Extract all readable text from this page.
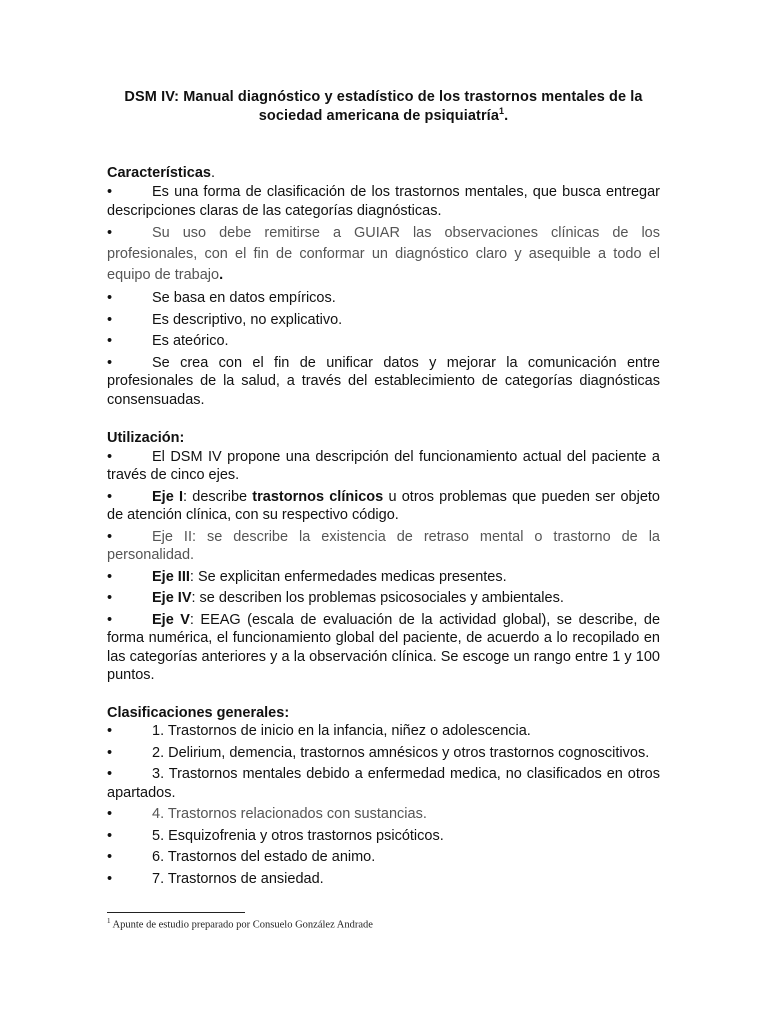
DSM IV: Manual diagnóstico y estadístico de los trastornos mentales de la
sociedad americana de psiquiatría$^1$.
Características.
•	Es una forma de clasificación de los trastornos mentales, que busca entregar descripciones claras de las categorías diagnósticas.
•	Su uso debe remitirse a GUIAR las observaciones clínicas de los profesionales, con el fin de conformar un diagnóstico claro y asequible a todo el equipo de trabajo.
•	Se basa en datos empíricos.
•	Es descriptivo, no explicativo.
•	Es ateórico.
•	Se crea con el fin de unificar datos y mejorar la comunicación entre profesionales de la salud, a través del establecimiento de categorías diagnósticas consensuadas.
Utilización:
•	El DSM IV propone una descripción del funcionamiento actual del paciente a través de cinco ejes.
•	Eje I: describe trastornos clínicos u otros problemas que pueden ser objeto de atención clínica, con su respectivo código.
•	Eje II: se describe la existencia de retraso mental o trastorno de la personalidad.
•	Eje III: Se explicitan enfermedades medicas presentes.
•	Eje IV: se describen los problemas psicosociales y ambientales.
•	Eje V: EEAG (escala de evaluación de la actividad global), se describe, de forma numérica, el funcionamiento global del paciente, de acuerdo a lo recopilado en las categorías anteriores y a la observación clínica. Se escoge un rango entre 1 y 100 puntos.
Clasificaciones generales:
•	1. Trastornos de inicio en la infancia, niñez o adolescencia.
•	2. Delirium, demencia, trastornos amnésicos y otros trastornos cognoscitivos.
•	3. Trastornos mentales debido a enfermedad medica, no clasificados en otros apartados.
•	4. Trastornos relacionados con sustancias.
•	5. Esquizofrenia y otros trastornos psicóticos.
•	6. Trastornos del estado de animo.
•	7. Trastornos de ansiedad.
$^1$ Apunte de estudio preparado por Consuelo González Andrade
